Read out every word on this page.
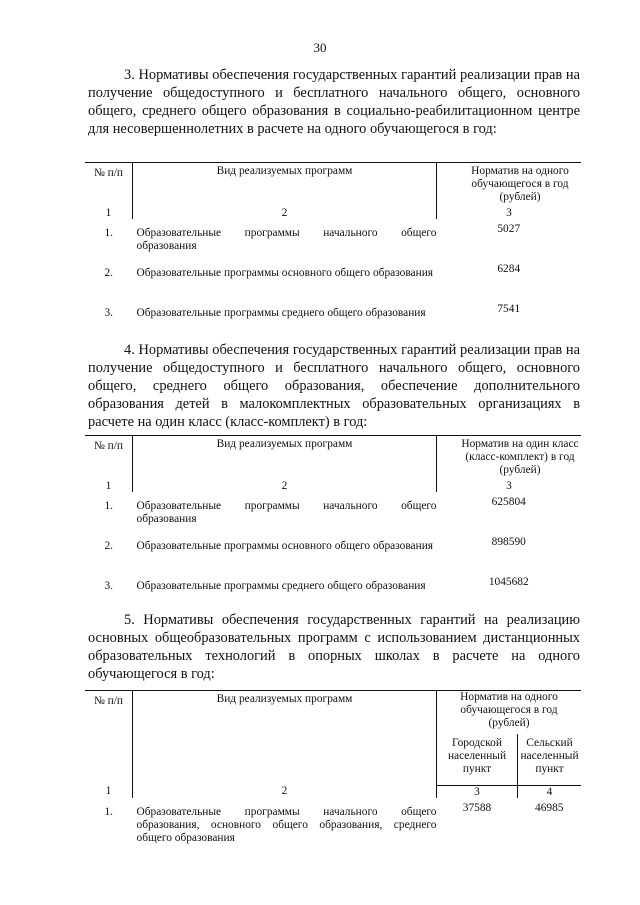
30

3. Нормативы обеспечения государственных гарантий реализации прав на получение общедоступного и бесплатного начального общего, основного общего, среднего общего образования в социально-реабилитационном центре для несовершеннолетних в расчете на одного обучающегося в год:

№ п/п	Вид реализуемых программ	Норматив на одного обучающегося в год (рублей)
1	2	3
1.	Образовательные программы начального общего образования	5027
2.	Образовательные программы основного общего образования	6284
3.	Образовательные программы среднего общего образования	7541

4. Нормативы обеспечения государственных гарантий реализации прав на получение общедоступного и бесплатного начального общего, основного общего, среднего общего образования, обеспечение дополнительного образования детей в малокомплектных образовательных организациях в расчете на один класс (класс-комплект) в год:

№ п/п	Вид реализуемых программ	Норматив на один класс (класс-комплект) в год (рублей)
1	2	3
1.	Образовательные программы начального общего образования	625804
2.	Образовательные программы основного общего образования	898590
3.	Образовательные программы среднего общего образования	1045682

5. Нормативы обеспечения государственных гарантий на реализацию основных общеобразовательных программ с использованием дистанционных образовательных технологий в опорных школах в расчете на одного обучающегося в год:

№ п/п	Вид реализуемых программ	Норматив на одного обучающегося в год (рублей)	
		Городской населенный пункт	Сельский населенный пункт
1	2	3	4
1.	Образовательные программы начального общего образования, основного общего образования, среднего общего образования	37588	46985
